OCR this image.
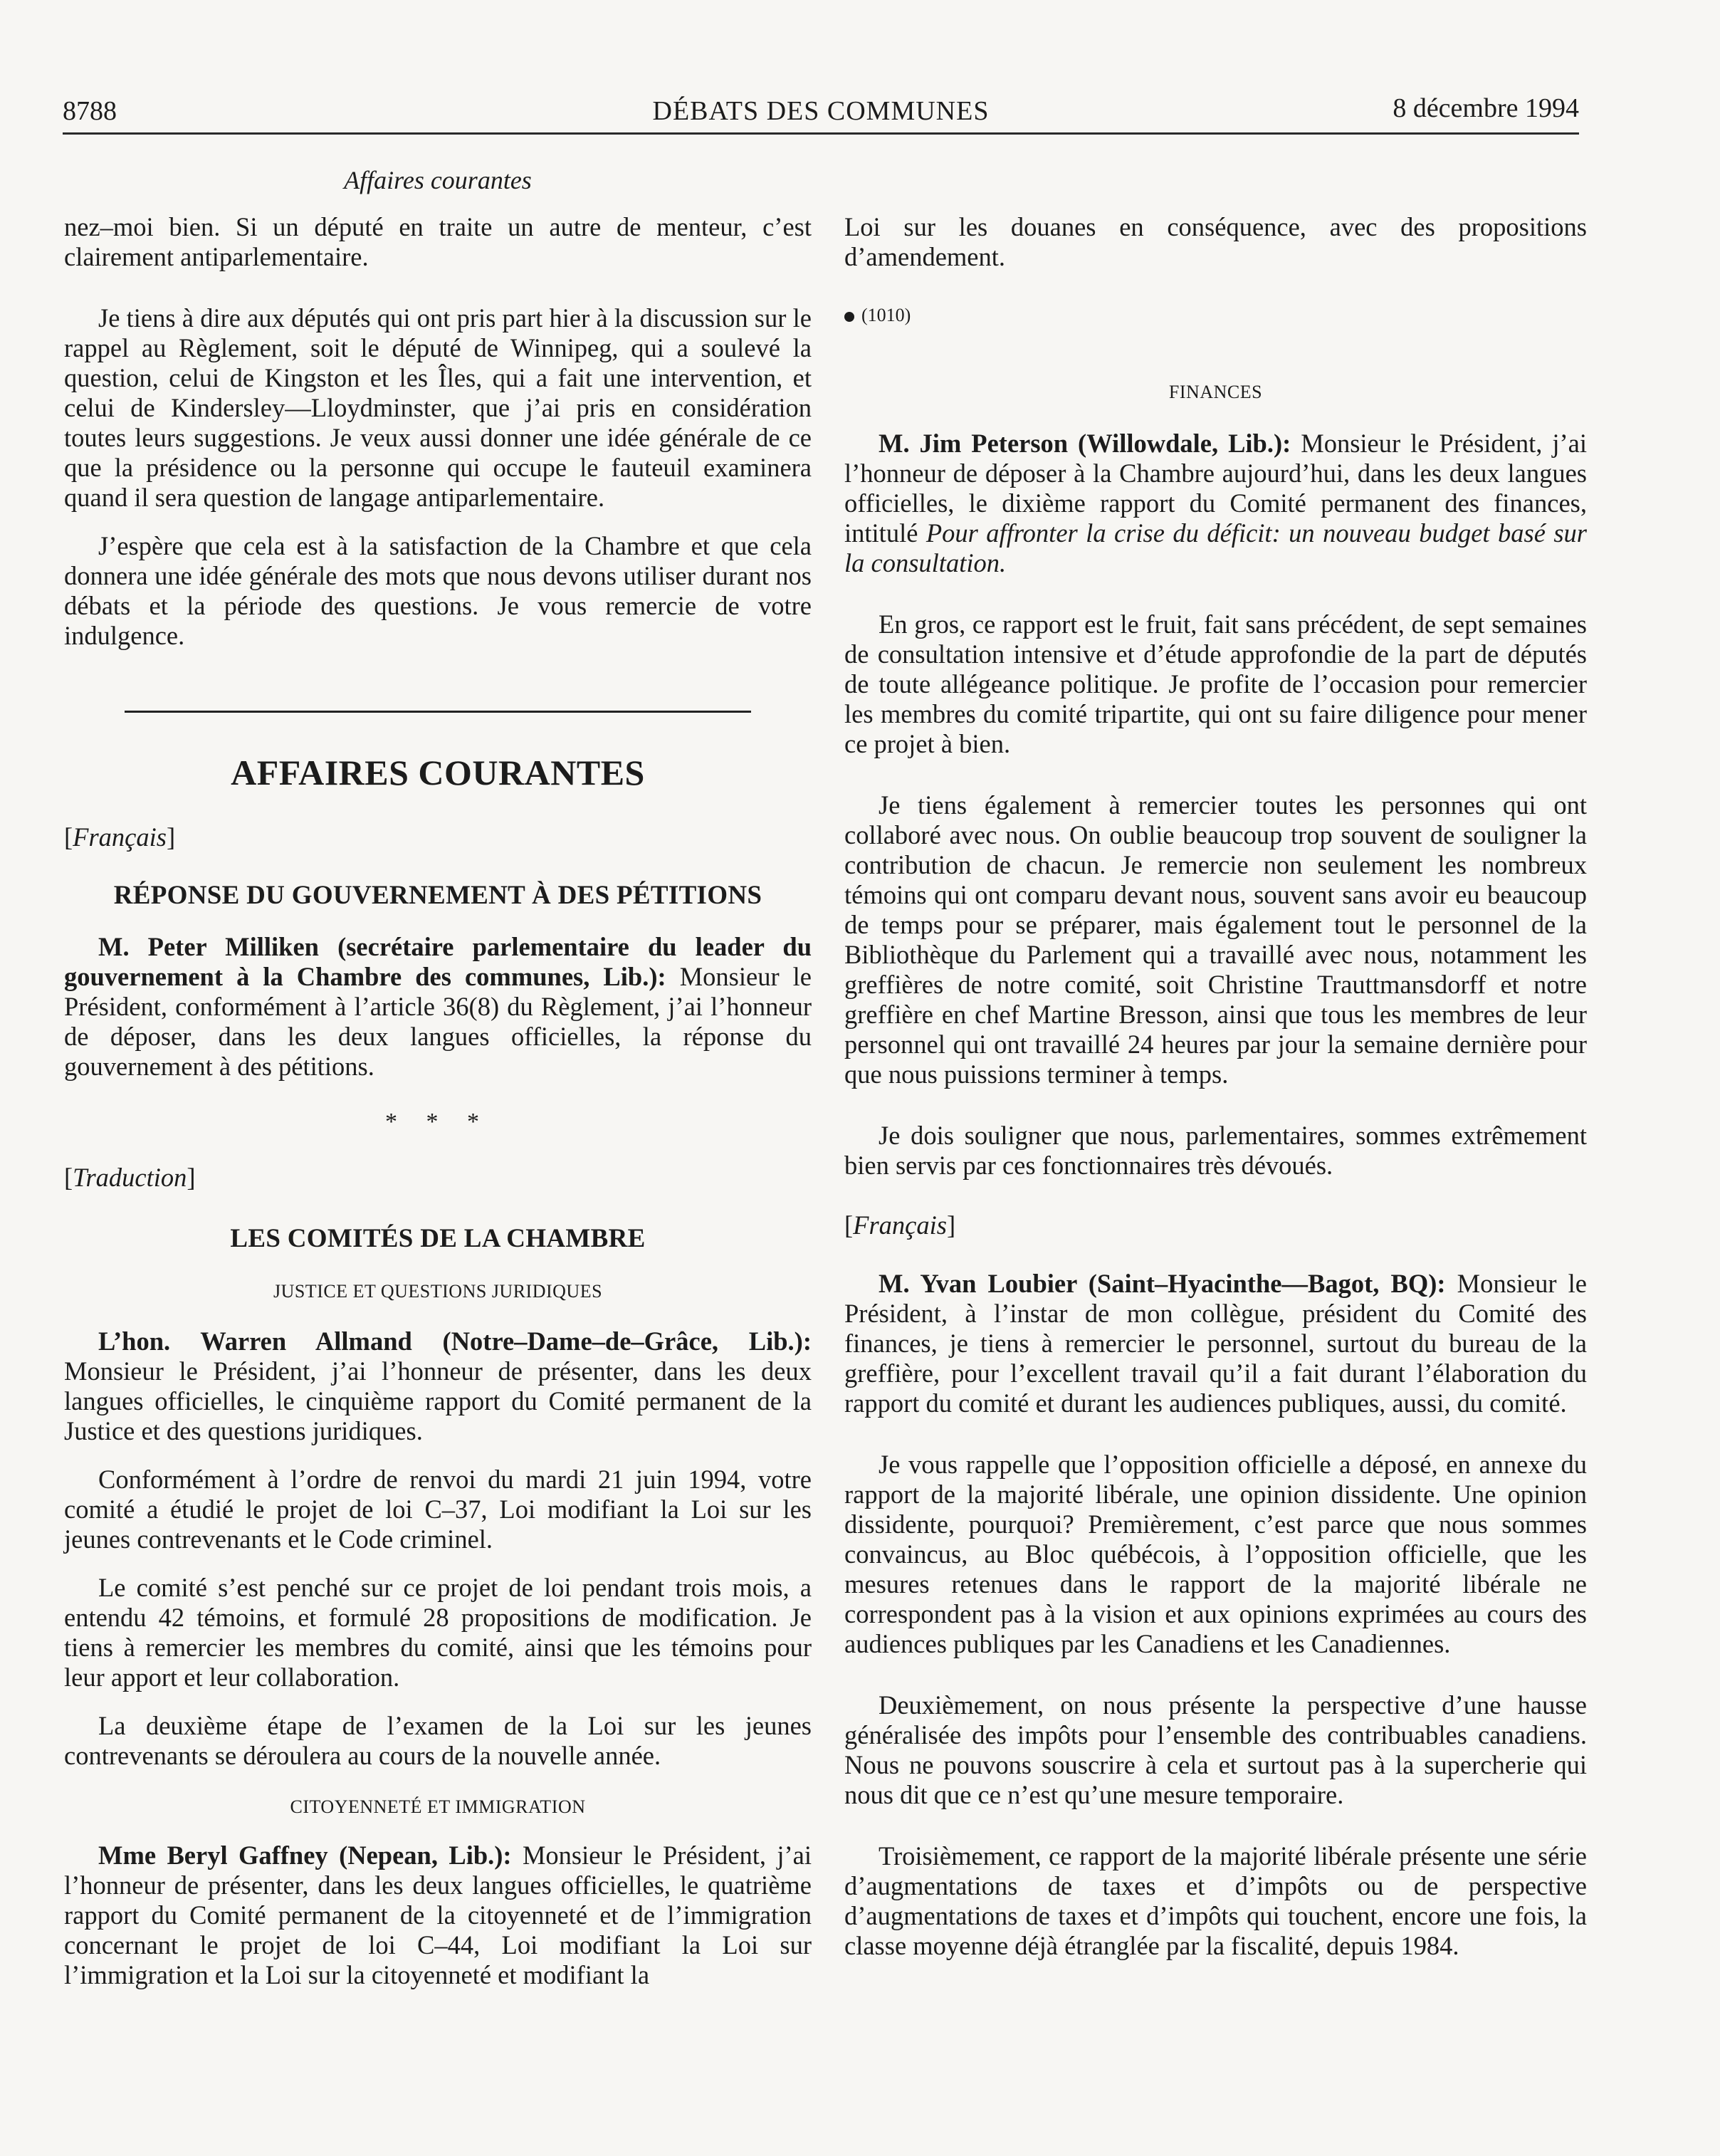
8788	DÉBATS DES COMMUNES	8 décembre 1994
Affaires courantes

nez–moi bien. Si un député en traite un autre de menteur, c’est clairement antiparlementaire.

Je tiens à dire aux députés qui ont pris part hier à la discussion sur le rappel au Règlement, soit le député de Winnipeg, qui a soulevé la question, celui de Kingston et les Îles, qui a fait une intervention, et celui de Kindersley—Lloydminster, que j’ai pris en considération toutes leurs suggestions. Je veux aussi donner une idée générale de ce que la présidence ou la personne qui occupe le fauteuil examinera quand il sera question de langage antiparlementaire.

J’espère que cela est à la satisfaction de la Chambre et que cela donnera une idée générale des mots que nous devons utiliser durant nos débats et la période des questions. Je vous remercie de votre indulgence.

AFFAIRES COURANTES
[Français]
RÉPONSE DU GOUVERNEMENT À DES PÉTITIONS

M. Peter Milliken (secrétaire parlementaire du leader du gouvernement à la Chambre des communes, Lib.): Monsieur le Président, conformément à l’article 36(8) du Règlement, j’ai l’honneur de déposer, dans les deux langues officielles, la réponse du gouvernement à des pétitions.

* * *
[Traduction]
LES COMITÉS DE LA CHAMBRE
JUSTICE ET QUESTIONS JURIDIQUES

L’hon. Warren Allmand (Notre–Dame–de–Grâce, Lib.): Monsieur le Président, j’ai l’honneur de présenter, dans les deux langues officielles, le cinquième rapport du Comité permanent de la Justice et des questions juridiques.

Conformément à l’ordre de renvoi du mardi 21 juin 1994, votre comité a étudié le projet de loi C–37, Loi modifiant la Loi sur les jeunes contrevenants et le Code criminel.

Le comité s’est penché sur ce projet de loi pendant trois mois, a entendu 42 témoins, et formulé 28 propositions de modification. Je tiens à remercier les membres du comité, ainsi que les témoins pour leur apport et leur collaboration.

La deuxième étape de l’examen de la Loi sur les jeunes contrevenants se déroulera au cours de la nouvelle année.

CITOYENNETÉ ET IMMIGRATION

Mme Beryl Gaffney (Nepean, Lib.): Monsieur le Président, j’ai l’honneur de présenter, dans les deux langues officielles, le quatrième rapport du Comité permanent de la citoyenneté et de l’immigration concernant le projet de loi C–44, Loi modifiant la Loi sur l’immigration et la Loi sur la citoyenneté et modifiant la

Loi sur les douanes en conséquence, avec des propositions d’amendement.

(1010)
FINANCES

M. Jim Peterson (Willowdale, Lib.): Monsieur le Président, j’ai l’honneur de déposer à la Chambre aujourd’hui, dans les deux langues officielles, le dixième rapport du Comité permanent des finances, intitulé Pour affronter la crise du déficit: un nouveau budget basé sur la consultation.

En gros, ce rapport est le fruit, fait sans précédent, de sept semaines de consultation intensive et d’étude approfondie de la part de députés de toute allégeance politique. Je profite de l’occasion pour remercier les membres du comité tripartite, qui ont su faire diligence pour mener ce projet à bien.

Je tiens également à remercier toutes les personnes qui ont collaboré avec nous. On oublie beaucoup trop souvent de souligner la contribution de chacun. Je remercie non seulement les nombreux témoins qui ont comparu devant nous, souvent sans avoir eu beaucoup de temps pour se préparer, mais également tout le personnel de la Bibliothèque du Parlement qui a travaillé avec nous, notamment les greffières de notre comité, soit Christine Trauttmansdorff et notre greffière en chef Martine Bresson, ainsi que tous les membres de leur personnel qui ont travaillé 24 heures par jour la semaine dernière pour que nous puissions terminer à temps.

Je dois souligner que nous, parlementaires, sommes extrêmement bien servis par ces fonctionnaires très dévoués.

[Français]

M. Yvan Loubier (Saint–Hyacinthe—Bagot, BQ): Monsieur le Président, à l’instar de mon collègue, président du Comité des finances, je tiens à remercier le personnel, surtout du bureau de la greffière, pour l’excellent travail qu’il a fait durant l’élaboration du rapport du comité et durant les audiences publiques, aussi, du comité.

Je vous rappelle que l’opposition officielle a déposé, en annexe du rapport de la majorité libérale, une opinion dissidente. Une opinion dissidente, pourquoi? Premièrement, c’est parce que nous sommes convaincus, au Bloc québécois, à l’opposition officielle, que les mesures retenues dans le rapport de la majorité libérale ne correspondent pas à la vision et aux opinions exprimées au cours des audiences publiques par les Canadiens et les Canadiennes.

Deuxièmement, on nous présente la perspective d’une hausse généralisée des impôts pour l’ensemble des contribuables canadiens. Nous ne pouvons souscrire à cela et surtout pas à la supercherie qui nous dit que ce n’est qu’une mesure temporaire.

Troisièmement, ce rapport de la majorité libérale présente une série d’augmentations de taxes et d’impôts ou de perspective d’augmentations de taxes et d’impôts qui touchent, encore une fois, la classe moyenne déjà étranglée par la fiscalité, depuis 1984.
